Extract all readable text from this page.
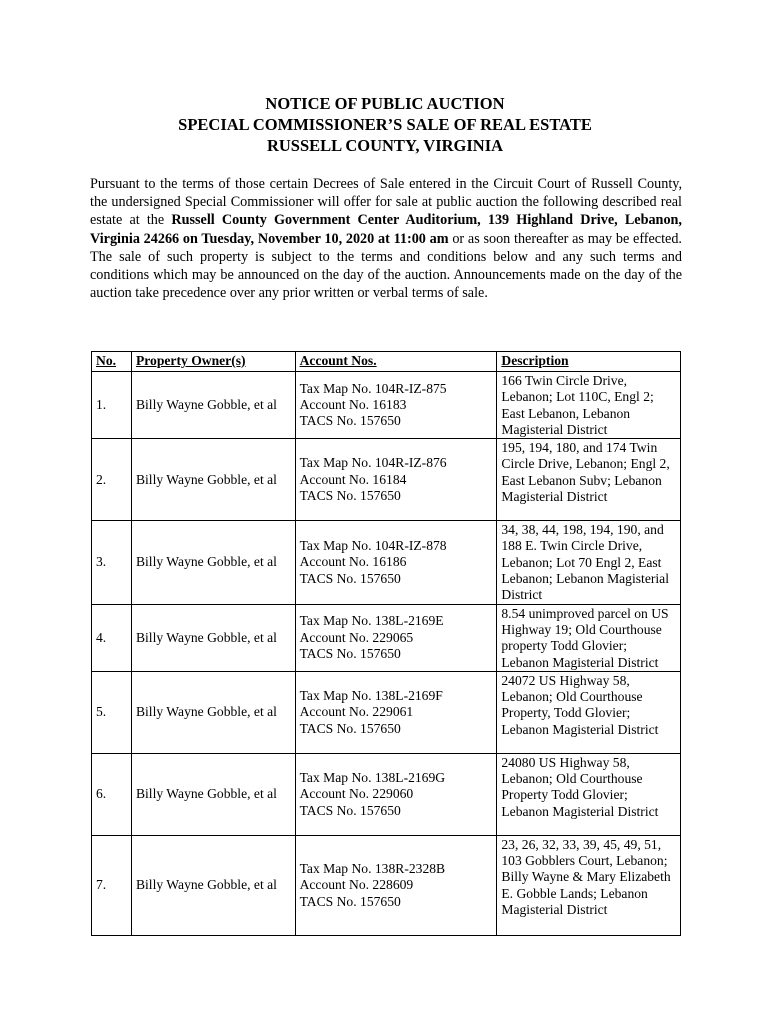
NOTICE OF PUBLIC AUCTION
SPECIAL COMMISSIONER’S SALE OF REAL ESTATE
RUSSELL COUNTY, VIRGINIA

Pursuant to the terms of those certain Decrees of Sale entered in the Circuit Court of Russell County, the undersigned Special Commissioner will offer for sale at public auction the following described real estate at the Russell County Government Center Auditorium, 139 Highland Drive, Lebanon, Virginia 24266 on Tuesday, November 10, 2020 at 11:00 am or as soon thereafter as may be effected. The sale of such property is subject to the terms and conditions below and any such terms and conditions which may be announced on the day of the auction. Announcements made on the day of the auction take precedence over any prior written or verbal terms of sale.

No.	Property Owner(s)	Account Nos.	Description
1.	Billy Wayne Gobble, et al	Tax Map No. 104R-IZ-875
Account No. 16183
TACS No. 157650	166 Twin Circle Drive, Lebanon; Lot 110C, Engl 2; East Lebanon, Lebanon Magisterial District
2.	Billy Wayne Gobble, et al	Tax Map No. 104R-IZ-876
Account No. 16184
TACS No. 157650	195, 194, 180, and 174 Twin Circle Drive, Lebanon; Engl 2, East Lebanon Subv; Lebanon Magisterial District
3.	Billy Wayne Gobble, et al	Tax Map No. 104R-IZ-878
Account No. 16186
TACS No. 157650	34, 38, 44, 198, 194, 190, and 188 E. Twin Circle Drive, Lebanon; Lot 70 Engl 2, East Lebanon; Lebanon Magisterial District
4.	Billy Wayne Gobble, et al	Tax Map No. 138L-2169E
Account No. 229065
TACS No. 157650	8.54 unimproved parcel on US Highway 19; Old Courthouse property Todd Glovier; Lebanon Magisterial District
5.	Billy Wayne Gobble, et al	Tax Map No. 138L-2169F
Account No. 229061
TACS No. 157650	24072 US Highway 58, Lebanon; Old Courthouse Property, Todd Glovier; Lebanon Magisterial District
6.	Billy Wayne Gobble, et al	Tax Map No. 138L-2169G
Account No. 229060
TACS No. 157650	24080 US Highway 58, Lebanon; Old Courthouse Property Todd Glovier; Lebanon Magisterial District
7.	Billy Wayne Gobble, et al	Tax Map No. 138R-2328B
Account No. 228609
TACS No. 157650	23, 26, 32, 33, 39, 45, 49, 51, 103 Gobblers Court, Lebanon; Billy Wayne & Mary Elizabeth E. Gobble Lands; Lebanon Magisterial District
